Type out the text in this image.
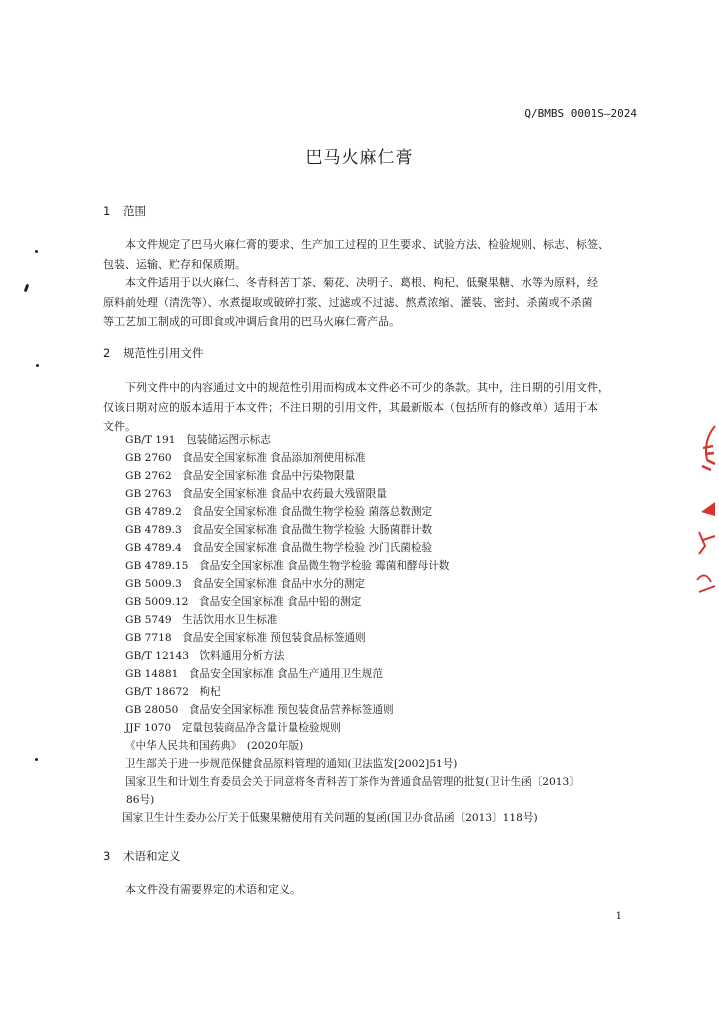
Q/BMBS 0001S—2024
巴马火麻仁膏
1 范围
本文件规定了巴马火麻仁膏的要求、生产加工过程的卫生要求、试验方法、检验规则、标志、标签、
包装、运输、贮存和保质期。
本文件适用于以火麻仁、冬青科苦丁茶、菊花、决明子、葛根、枸杞、低聚果糖、水等为原料，经
原料前处理（清洗等）、水煮提取或破碎打浆、过滤或不过滤、熬煮浓缩、灌装、密封、杀菌或不杀菌
等工艺加工制成的可即食或冲调后食用的巴马火麻仁膏产品。
2 规范性引用文件
下列文件中的内容通过文中的规范性引用而构成本文件必不可少的条款。其中，注日期的引用文件，
仅该日期对应的版本适用于本文件；不注日期的引用文件，其最新版本（包括所有的修改单）适用于本
文件。
GB/T 191　包装储运图示标志
GB 2760　食品安全国家标准 食品添加剂使用标准
GB 2762　食品安全国家标准 食品中污染物限量
GB 2763　食品安全国家标准 食品中农药最大残留限量
GB 4789.2　食品安全国家标准 食品微生物学检验 菌落总数测定
GB 4789.3　食品安全国家标准 食品微生物学检验 大肠菌群计数
GB 4789.4　食品安全国家标准 食品微生物学检验 沙门氏菌检验
GB 4789.15　食品安全国家标准 食品微生物学检验 霉菌和酵母计数
GB 5009.3　食品安全国家标准 食品中水分的测定
GB 5009.12　食品安全国家标准 食品中铅的测定
GB 5749　生活饮用水卫生标准
GB 7718　食品安全国家标准 预包装食品标签通则
GB/T 12143　饮料通用分析方法
GB 14881　食品安全国家标准 食品生产通用卫生规范
GB/T 18672　枸杞
GB 28050　食品安全国家标准 预包装食品营养标签通则
JJF 1070　定量包装商品净含量计量检验规则
《中华人民共和国药典》　(2020年版)
卫生部关于进一步规范保健食品原料管理的通知(卫法监发[2002]51号)
国家卫生和计划生育委员会关于同意将冬青科苦丁茶作为普通食品管理的批复(卫计生函〔2013〕
86号)
国家卫生计生委办公厅关于低聚果糖使用有关问题的复函(国卫办食品函〔2013〕118号)
3 术语和定义
本文件没有需要界定的术语和定义。
1
